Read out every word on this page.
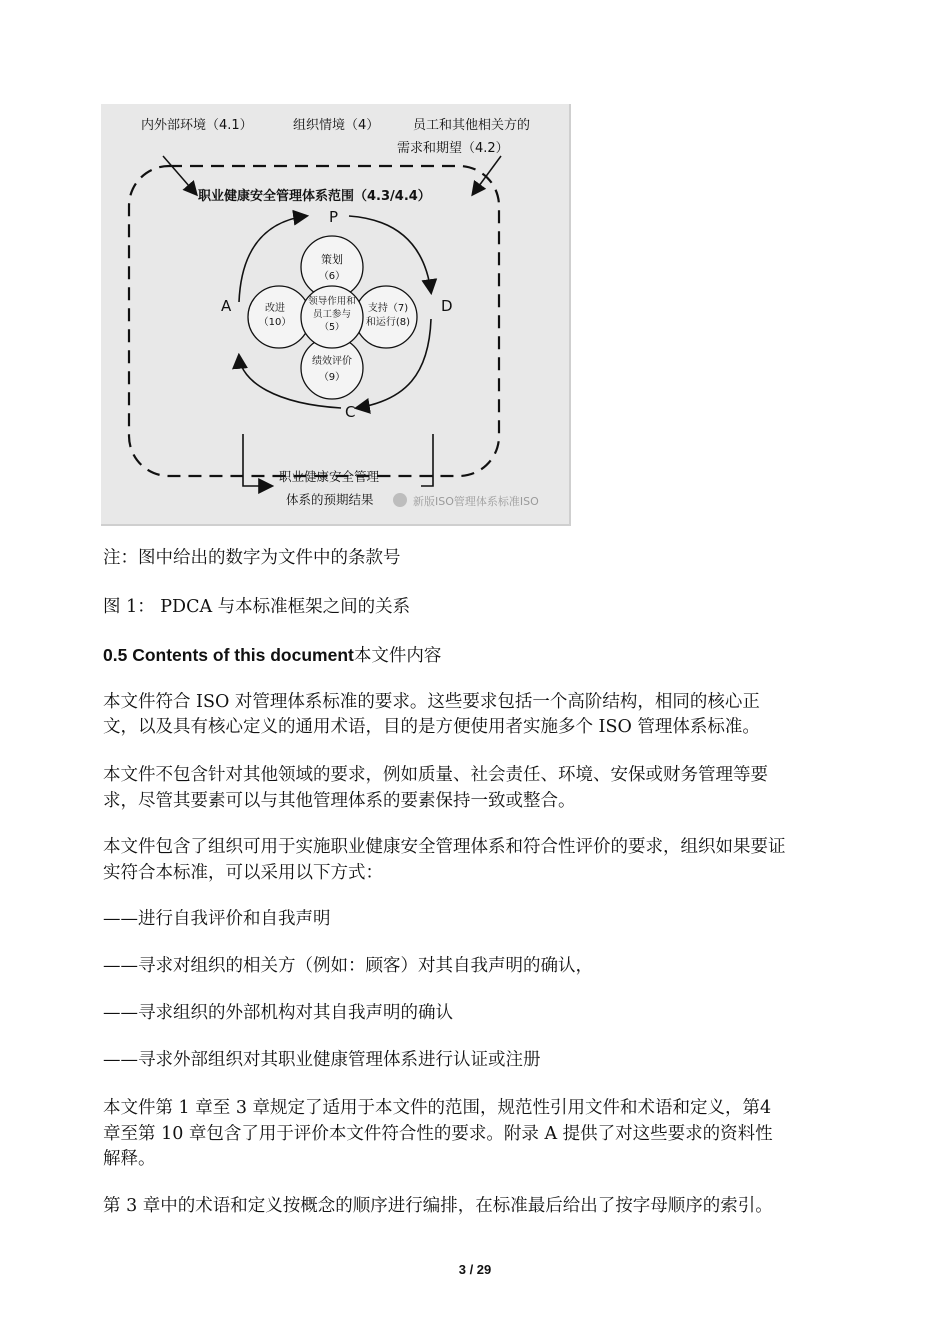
内外部环境（4.1）	组织情境（4）	员工和其他相关方的
需求和期望（4.2）
职业健康安全管理体系范围（4.3/4.4）
P
D
C
A
策划
（6）
支持（7)
和运行(8)
绩效评价
（9）
改进
（10）
领导作用和
员工参与
（5）
职业健康安全管理
体系的预期结果	新版ISO管理体系标准ISO
注：图中给出的数字为文件中的条款号
图 1： PDCA 与本标准框架之间的关系
0.5 Contents of this document本文件内容
本文件符合 ISO 对管理体系标准的要求。这些要求包括一个高阶结构，相同的核心正
文，以及具有核心定义的通用术语，目的是方便使用者实施多个 ISO 管理体系标准。
本文件不包含针对其他领域的要求，例如质量、社会责任、环境、安保或财务管理等要
求，尽管其要素可以与其他管理体系的要素保持一致或整合。
本文件包含了组织可用于实施职业健康安全管理体系和符合性评价的要求，组织如果要证
实符合本标准，可以采用以下方式：
——进行自我评价和自我声明
——寻求对组织的相关方（例如：顾客）对其自我声明的确认，
——寻求组织的外部机构对其自我声明的确认
——寻求外部组织对其职业健康管理体系进行认证或注册
本文件第 1 章至 3 章规定了适用于本文件的范围，规范性引用文件和术语和定义，第4
章至第 10 章包含了用于评价本文件符合性的要求。附录 A 提供了对这些要求的资料性
解释。
第 3 章中的术语和定义按概念的顺序进行编排，在标准最后给出了按字母顺序的索引。
3 / 29
